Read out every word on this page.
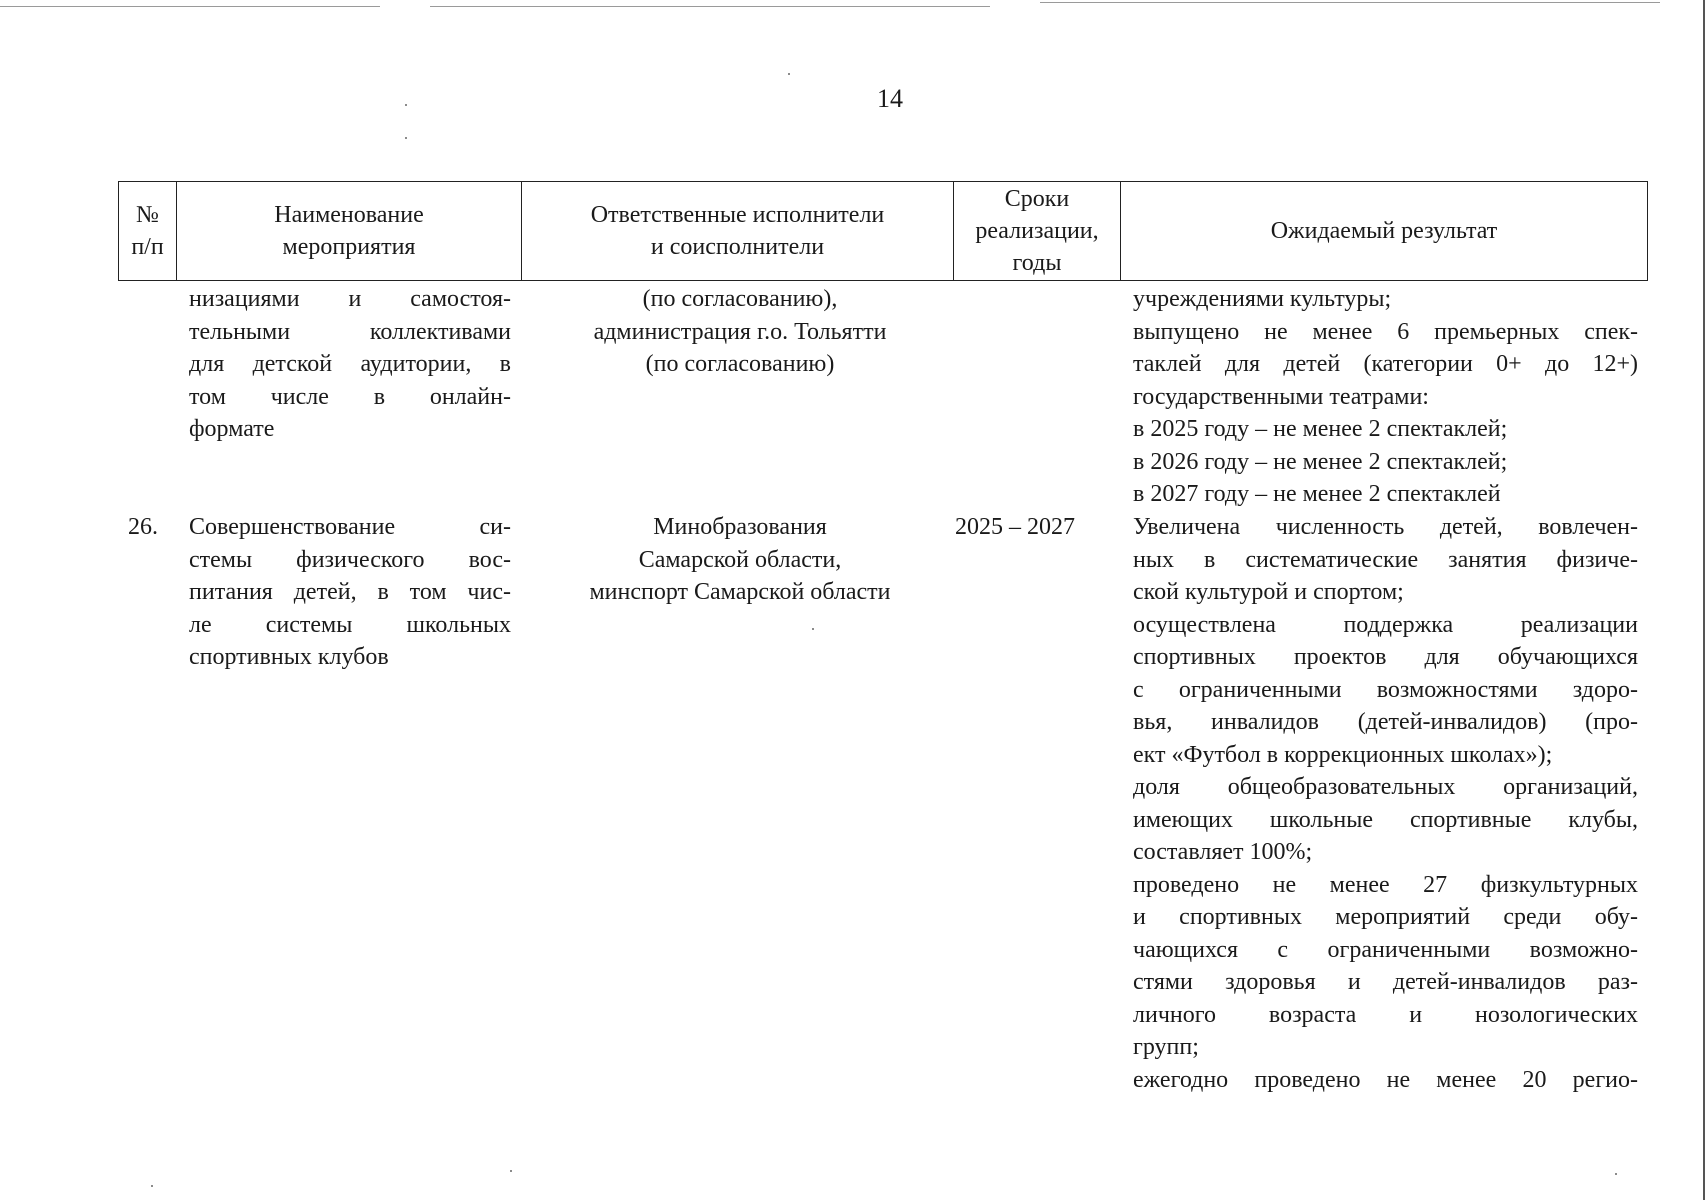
14
№
п/п
Наименование
мероприятия
Ответственные исполнители
и соисполнители
Сроки
реализации,
годы
Ожидаемый результат
низациями и самостоя-
тельными коллективами
для детской аудитории, в
том числе в онлайн-
формате
(по согласованию),
администрация г.о. Тольятти
(по согласованию)
учреждениями культуры;
выпущено не менее 6 премьерных спек-
таклей для детей (категории 0+ до 12+)
государственными театрами:
в 2025 году – не менее 2 спектаклей;
в 2026 году – не менее 2 спектаклей;
в 2027 году – не менее 2 спектаклей
26.	Совершенствование си-
стемы физического вос-
питания детей, в том чис-
ле системы школьных
спортивных клубов
Минобразования
Самарской области,
минспорт Самарской области
2025 – 2027	Увеличена численность детей, вовлечен-
ных в систематические занятия физиче-
ской культурой и спортом;
осуществлена поддержка реализации
спортивных проектов для обучающихся
с ограниченными возможностями здоро-
вья, инвалидов (детей-инвалидов) (про-
ект «Футбол в коррекционных школах»);
доля общеобразовательных организаций,
имеющих школьные спортивные клубы,
составляет 100%;
проведено не менее 27 физкультурных
и спортивных мероприятий среди обу-
чающихся с ограниченными возможно-
стями здоровья и детей-инвалидов раз-
личного возраста и нозологических
групп;
ежегодно проведено не менее 20 регио-
